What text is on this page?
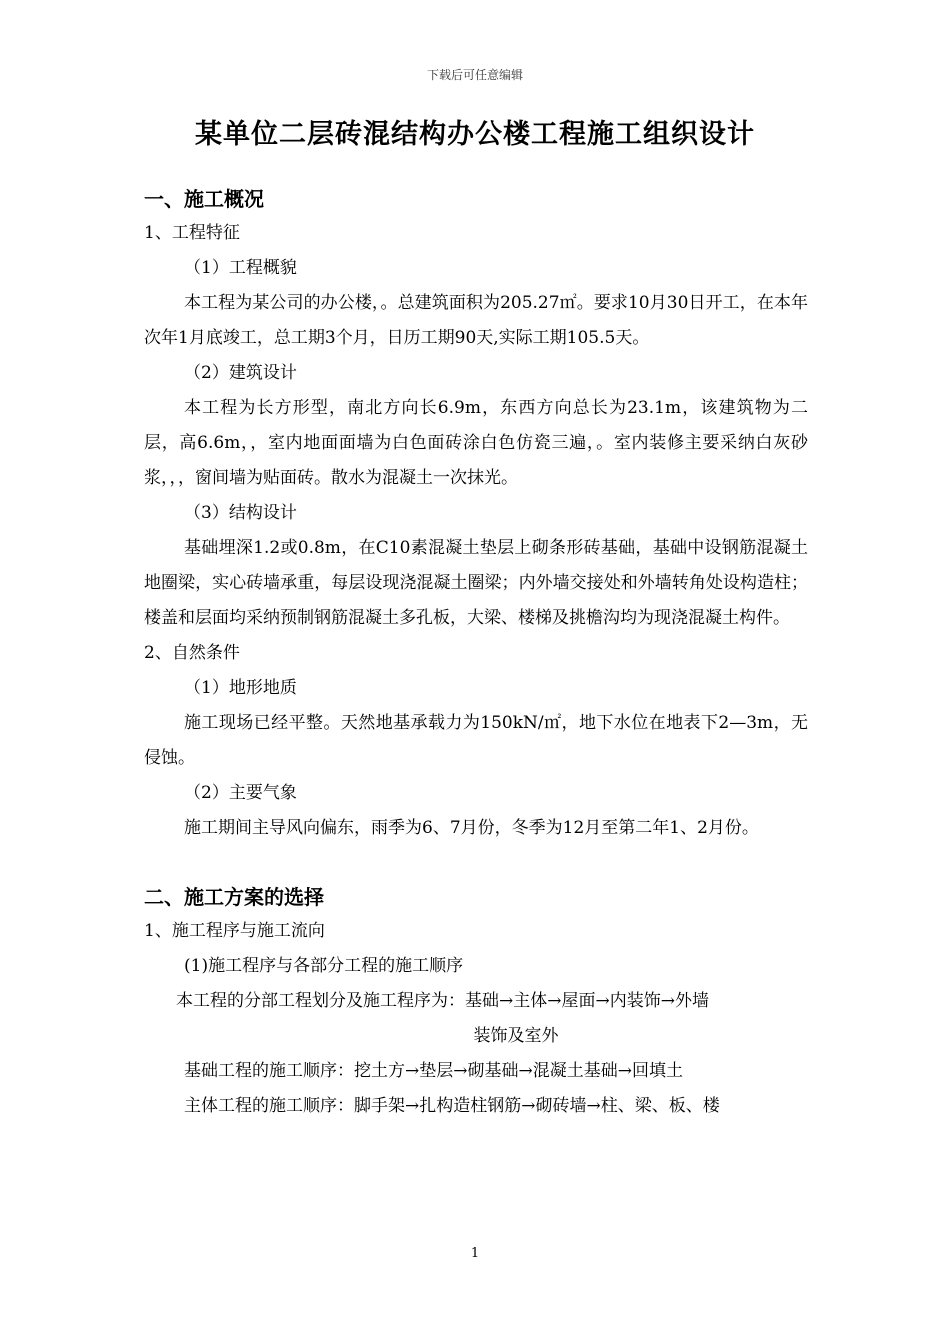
下载后可任意编辑
某单位二层砖混结构办公楼工程施工组织设计

一、施工概况

1、工程特征

（1）工程概貌

本工程为某公司的办公楼，。总建筑面积为205.27㎡。要求10月30日开工，在本年次年1月底竣工，总工期3个月，日历工期90天,实际工期105.5天。

（2）建筑设计

本工程为长方形型，南北方向长6.9m，东西方向总长为23.1m，该建筑物为二层，高6.6m，，室内地面面墙为白色面砖涂白色仿瓷三遍，。室内装修主要采纳白灰砂浆，，，窗间墙为贴面砖。散水为混凝土一次抹光。

（3）结构设计

基础埋深1.2或0.8m，在C10素混凝土垫层上砌条形砖基础，基础中设钢筋混凝土地圈梁，实心砖墙承重，每层设现浇混凝土圈梁；内外墙交接处和外墙转角处设构造柱；楼盖和层面均采纳预制钢筋混凝土多孔板，大梁、楼梯及挑檐沟均为现浇混凝土构件。

2、自然条件

（1）地形地质

施工现场已经平整。天然地基承载力为150kN/㎡，地下水位在地表下2—3m，无侵蚀。

（2）主要气象

施工期间主导风向偏东，雨季为6、7月份，冬季为12月至第二年1、2月份。

二、施工方案的选择

1、施工程序与施工流向

(1)施工程序与各部分工程的施工顺序

本工程的分部工程划分及施工程序为：基础→主体→屋面→内装饰→外墙

装饰及室外

基础工程的施工顺序：挖土方→垫层→砌基础→混凝土基础→回填土

主体工程的施工顺序：脚手架→扎构造柱钢筋→砌砖墙→柱、梁、板、楼

1
